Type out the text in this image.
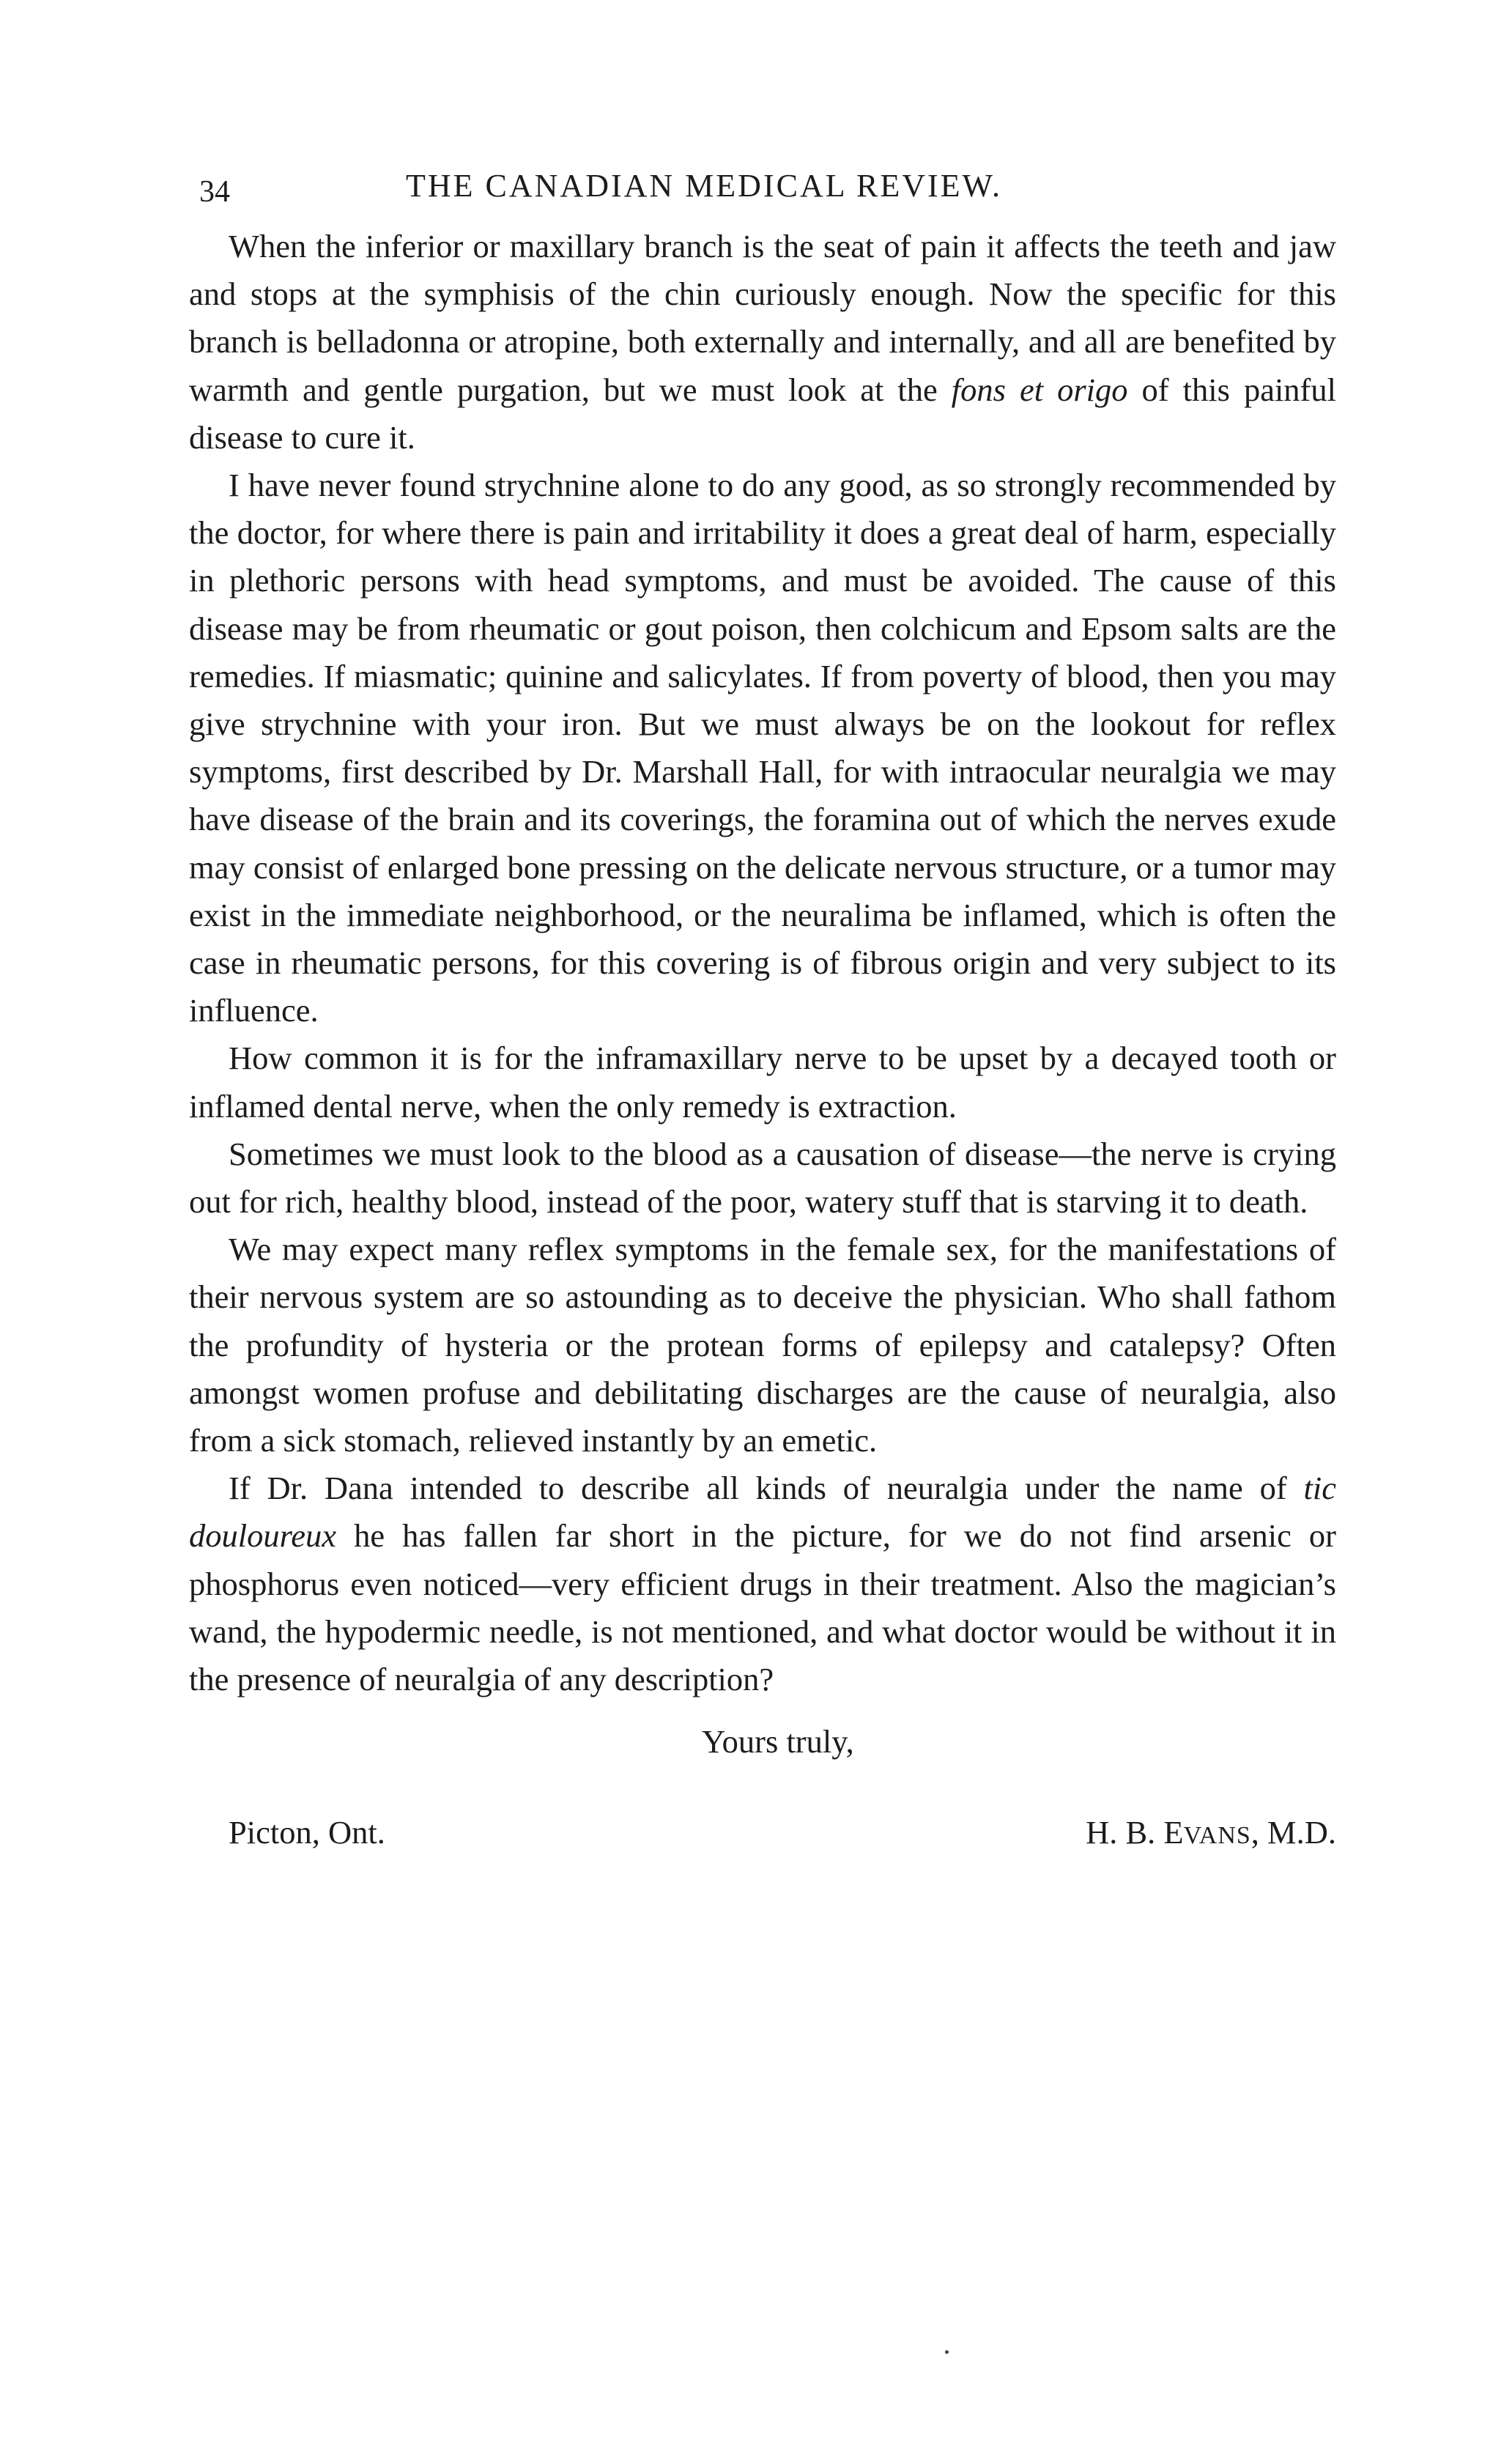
34	THE CANADIAN MEDICAL REVIEW.

When the inferior or maxillary branch is the seat of pain it affects the teeth and jaw and stops at the symphisis of the chin curiously enough. Now the specific for this branch is belladonna or atropine, both externally and internally, and all are benefited by warmth and gentle purgation, but we must look at the fons et origo of this painful disease to cure it.

I have never found strychnine alone to do any good, as so strongly recommended by the doctor, for where there is pain and irritability it does a great deal of harm, especially in plethoric persons with head symptoms, and must be avoided. The cause of this disease may be from rheumatic or gout poison, then colchicum and Epsom salts are the remedies. If miasmatic; quinine and salicylates. If from poverty of blood, then you may give strychnine with your iron. But we must always be on the lookout for reflex symptoms, first described by Dr. Marshall Hall, for with intraocular neuralgia we may have disease of the brain and its coverings, the foramina out of which the nerves exude may consist of enlarged bone pressing on the delicate nervous structure, or a tumor may exist in the immediate neighborhood, or the neuralima be inflamed, which is often the case in rheumatic persons, for this covering is of fibrous origin and very subject to its influence.

How common it is for the inframaxillary nerve to be upset by a decayed tooth or inflamed dental nerve, when the only remedy is extraction.

Sometimes we must look to the blood as a causation of disease—the nerve is crying out for rich, healthy blood, instead of the poor, watery stuff that is starving it to death.

We may expect many reflex symptoms in the female sex, for the manifestations of their nervous system are so astounding as to deceive the physician. Who shall fathom the profundity of hysteria or the protean forms of epilepsy and catalepsy? Often amongst women profuse and debilitating discharges are the cause of neuralgia, also from a sick stomach, relieved instantly by an emetic.

If Dr. Dana intended to describe all kinds of neuralgia under the name of tic douloureux he has fallen far short in the picture, for we do not find arsenic or phosphorus even noticed—very efficient drugs in their treatment. Also the magician’s wand, the hypodermic needle, is not mentioned, and what doctor would be without it in the presence of neuralgia of any description?

Yours truly,
Picton, Ont.	H. B. EVANS, M.D.
